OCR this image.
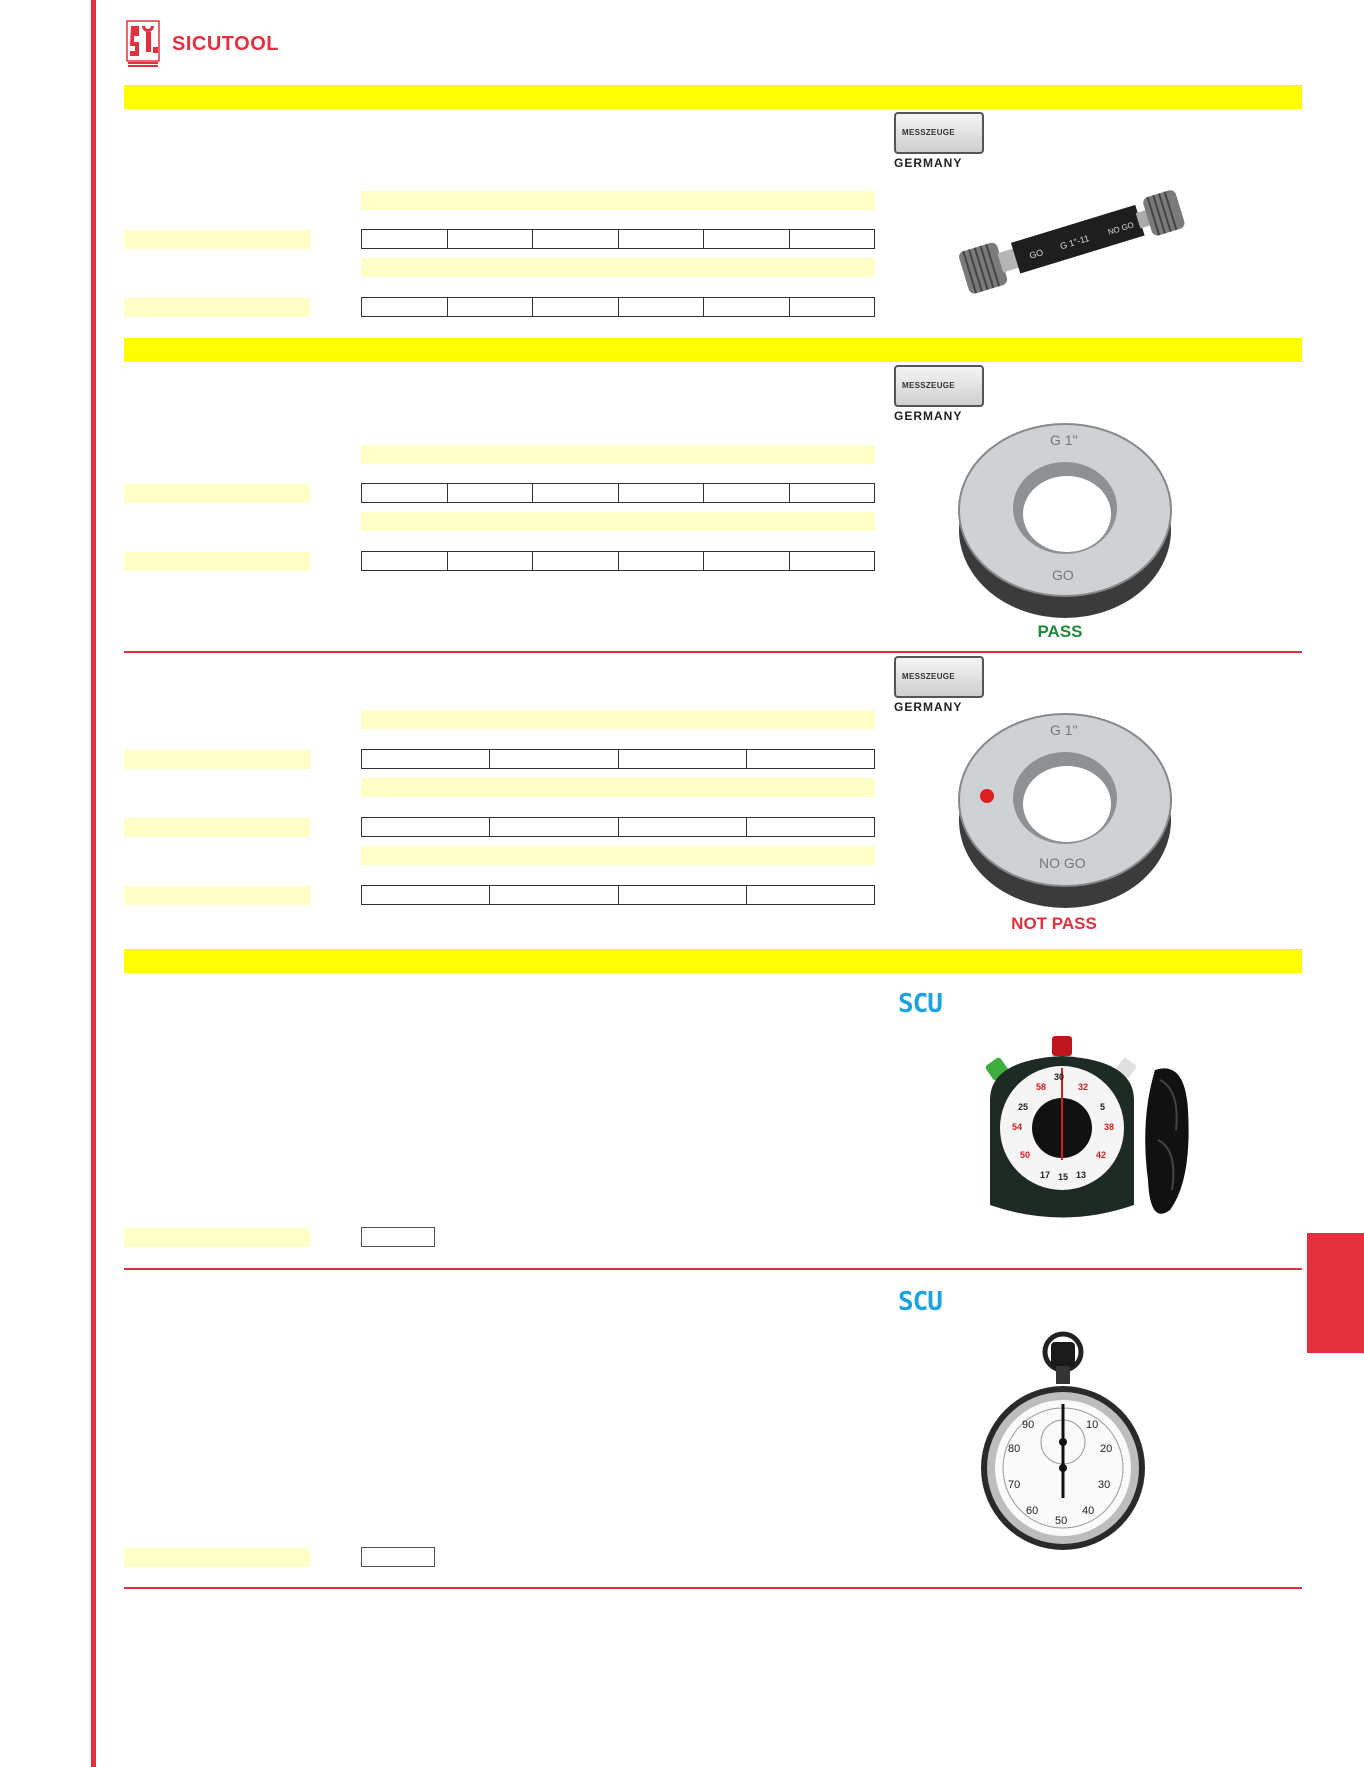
SICUTOOL
MESSZEUGE
GERMANY
GO
G 1"-11
NO GO
MESSZEUGE
GERMANY
G 1"
GO
PASS
MESSZEUGE
GERMANY
G 1"
NO GO
NOT PASS
SCU
30
58	32
25	5
54	38
50	42
17 15 13
SCU
10
20
30
40
50
60
70
80
90
